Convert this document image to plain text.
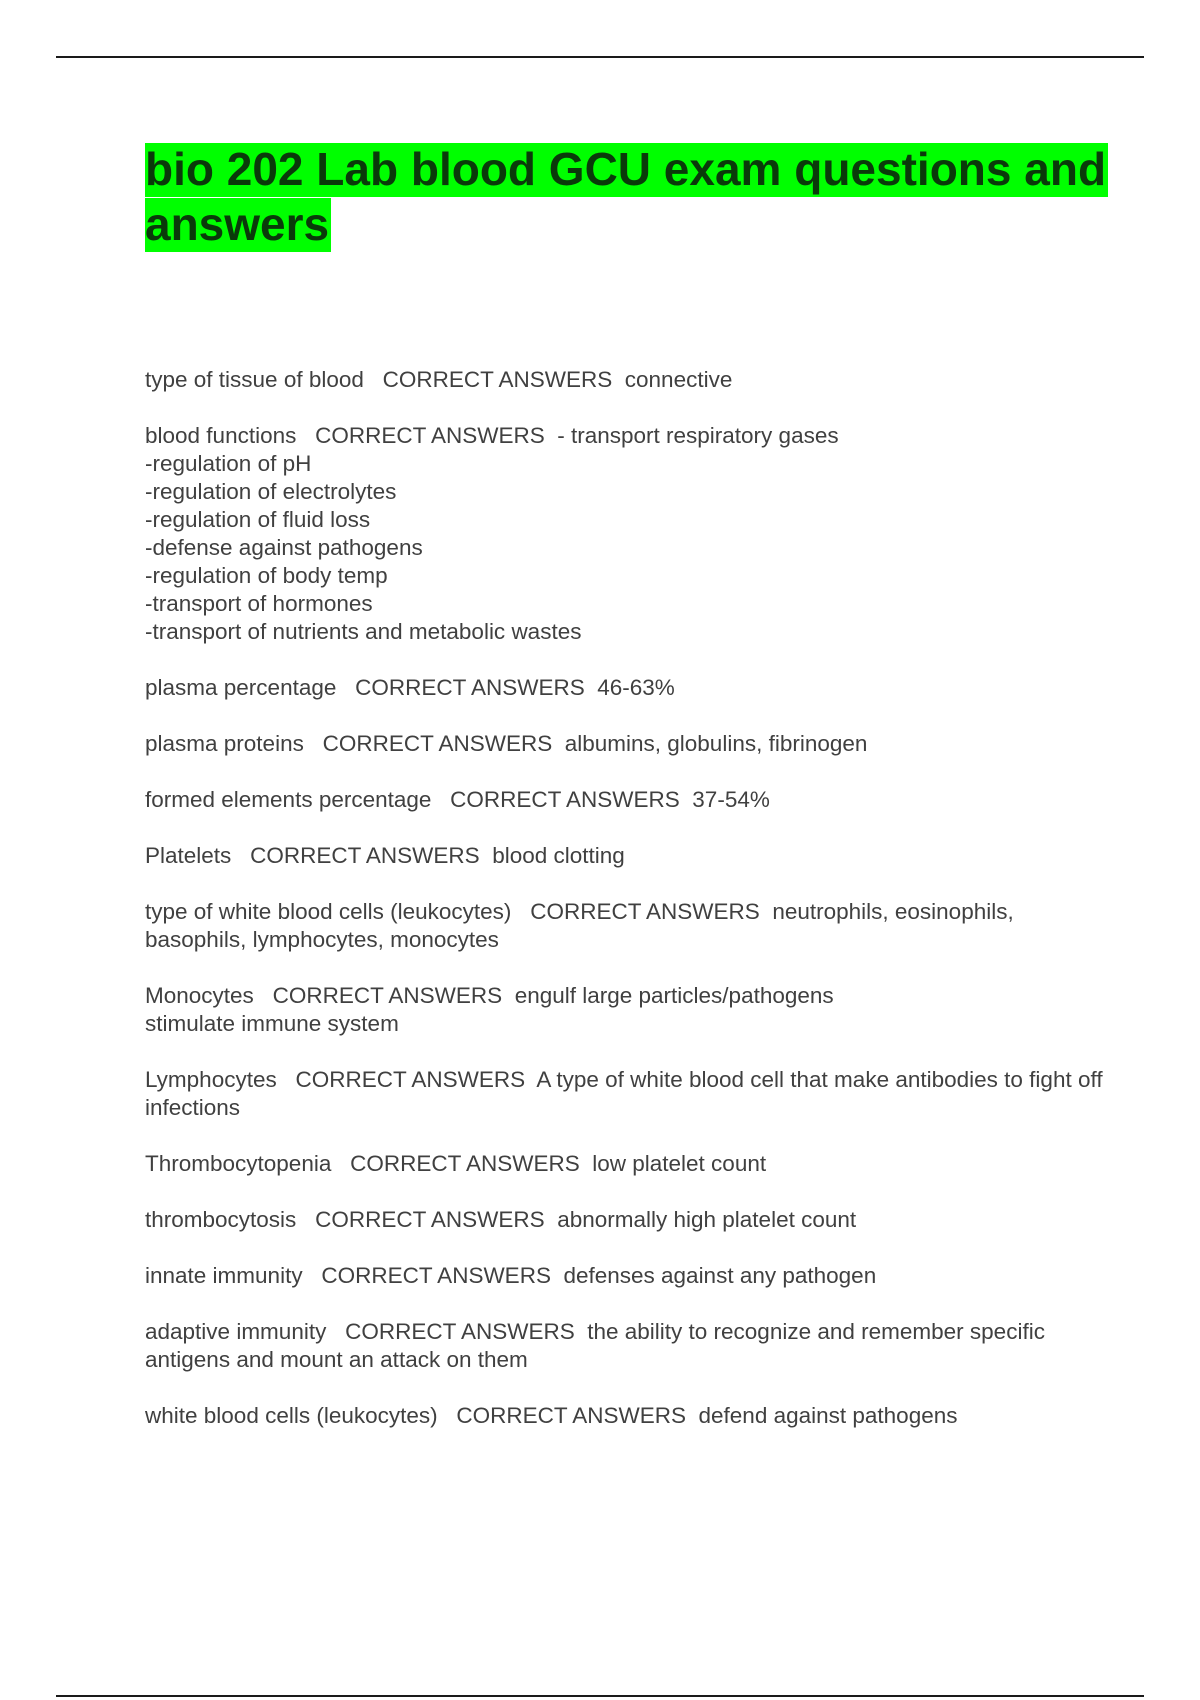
bio 202 Lab blood GCU exam questions and answers
type of tissue of blood   CORRECT ANSWERS  connective
blood functions   CORRECT ANSWERS  - transport respiratory gases
-regulation of pH
-regulation of electrolytes
-regulation of fluid loss
-defense against pathogens
-regulation of body temp
-transport of hormones
-transport of nutrients and metabolic wastes
plasma percentage   CORRECT ANSWERS  46-63%
plasma proteins   CORRECT ANSWERS  albumins, globulins, fibrinogen
formed elements percentage   CORRECT ANSWERS  37-54%
Platelets   CORRECT ANSWERS  blood clotting
type of white blood cells (leukocytes)   CORRECT ANSWERS  neutrophils, eosinophils, basophils, lymphocytes, monocytes
Monocytes   CORRECT ANSWERS  engulf large particles/pathogens
stimulate immune system
Lymphocytes   CORRECT ANSWERS  A type of white blood cell that make antibodies to fight off infections
Thrombocytopenia   CORRECT ANSWERS  low platelet count
thrombocytosis   CORRECT ANSWERS  abnormally high platelet count
innate immunity   CORRECT ANSWERS  defenses against any pathogen
adaptive immunity   CORRECT ANSWERS  the ability to recognize and remember specific antigens and mount an attack on them
white blood cells (leukocytes)   CORRECT ANSWERS  defend against pathogens
